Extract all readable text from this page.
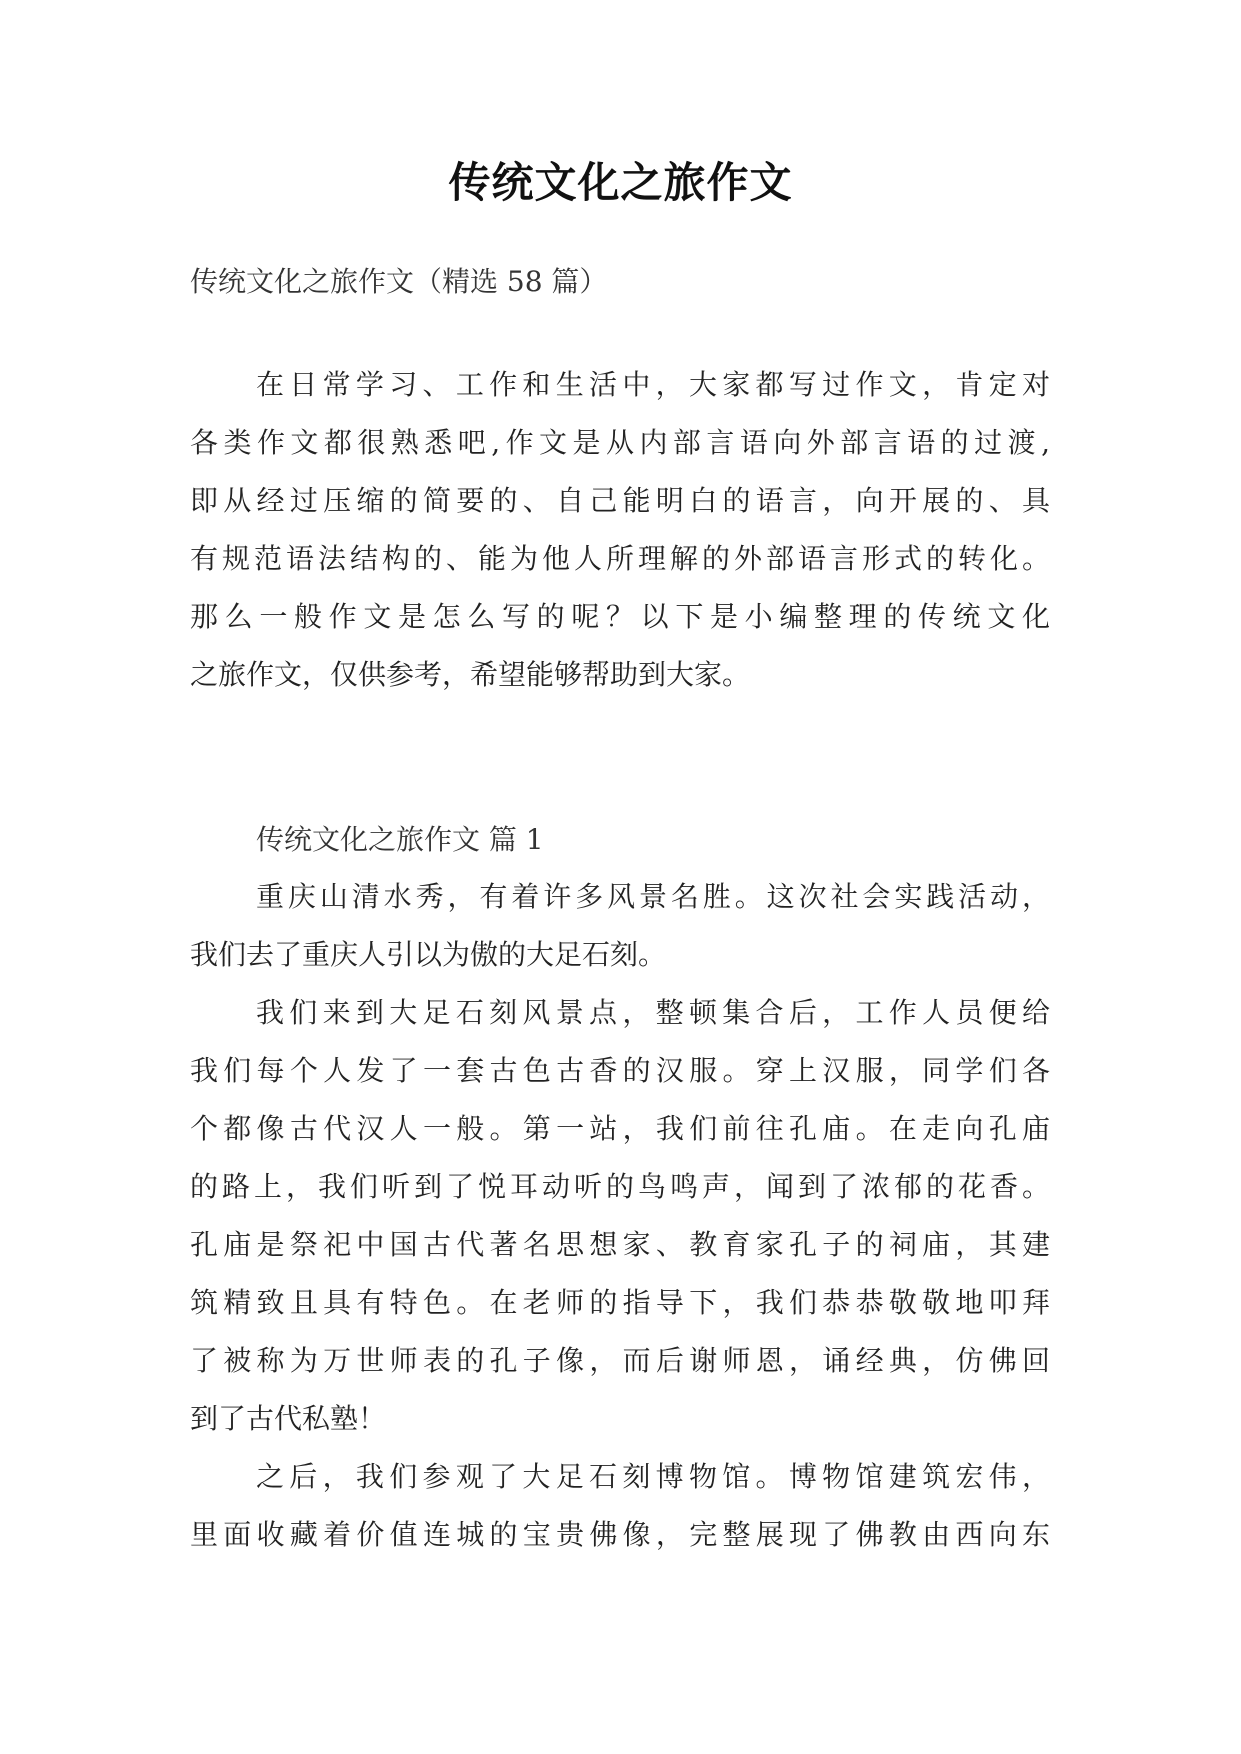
传统文化之旅作文
传统文化之旅作文（精选 58 篇）
在日常学习、工作和生活中，大家都写过作文，肯定对
各类作文都很熟悉吧,作文是从内部言语向外部言语的过渡,
即从经过压缩的简要的、自己能明白的语言，向开展的、具
有规范语法结构的、能为他人所理解的外部语言形式的转化。
那么一般作文是怎么写的呢？以下是小编整理的传统文化
之旅作文，仅供参考，希望能够帮助到大家。
传统文化之旅作文 篇 1
重庆山清水秀，有着许多风景名胜。这次社会实践活动，
我们去了重庆人引以为傲的大足石刻。
我们来到大足石刻风景点，整顿集合后，工作人员便给
我们每个人发了一套古色古香的汉服。穿上汉服，同学们各
个都像古代汉人一般。第一站，我们前往孔庙。在走向孔庙
的路上，我们听到了悦耳动听的鸟鸣声，闻到了浓郁的花香。
孔庙是祭祀中国古代著名思想家、教育家孔子的祠庙，其建
筑精致且具有特色。在老师的指导下，我们恭恭敬敬地叩拜
了被称为万世师表的孔子像，而后谢师恩，诵经典，仿佛回
到了古代私塾！
之后，我们参观了大足石刻博物馆。博物馆建筑宏伟，
里面收藏着价值连城的宝贵佛像，完整展现了佛教由西向东
